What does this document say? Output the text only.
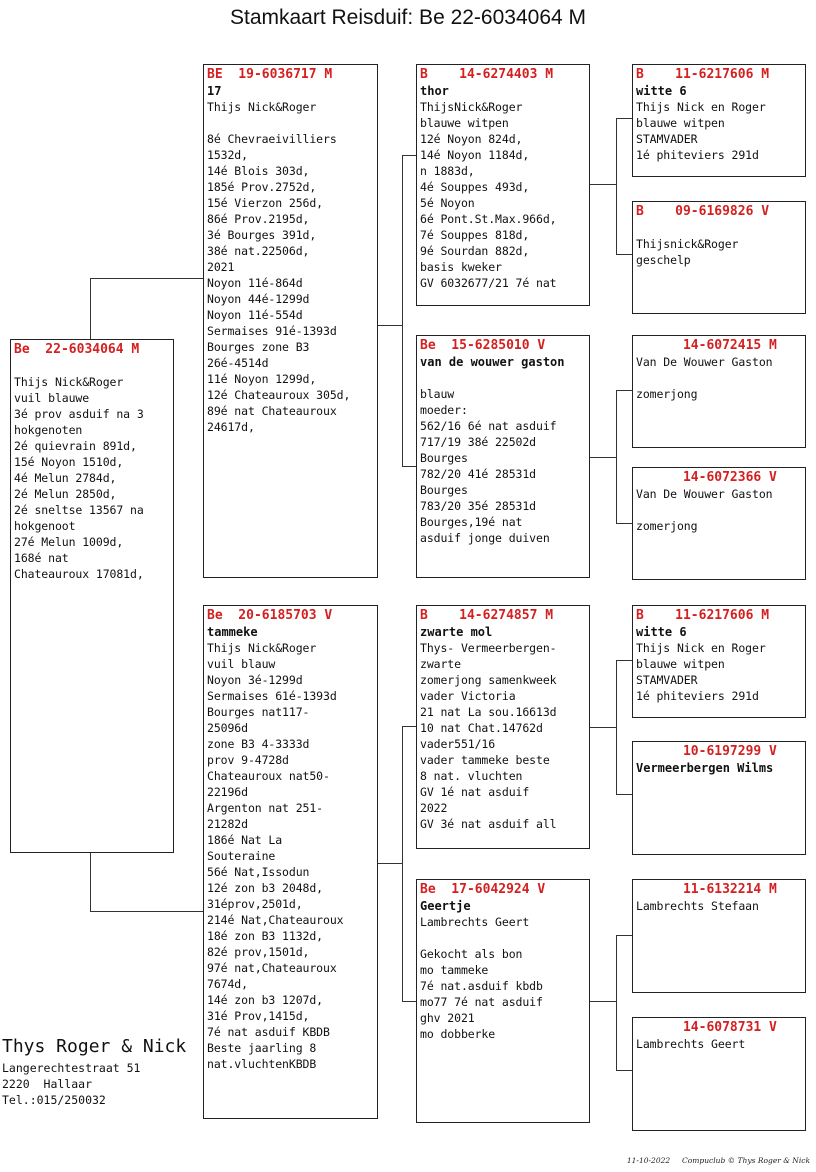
Stamkaart Reisduif: Be 22-6034064 M
Be  22-6034064 M

Thijs Nick&Roger
vuil blauwe
3é prov asduif na 3
hokgenoten
2é quievrain 891d,
15é Noyon 1510d,
4é Melun 2784d,
2é Melun 2850d,
2é sneltse 13567 na
hokgenoot
27é Melun 1009d,
168é nat
Chateauroux 17081d,
BE  19-6036717 M
17
Thijs Nick&Roger

8é Chevraeivilliers
1532d,
14é Blois 303d,
185é Prov.2752d,
15é Vierzon 256d,
86é Prov.2195d,
3é Bourges 391d,
38é nat.22506d,
2021
Noyon 11é-864d
Noyon 44é-1299d
Noyon 11é-554d
Sermaises 91é-1393d
Bourges zone B3
26é-4514d
11é Noyon 1299d,
12é Chateauroux 305d,
89é nat Chateauroux
24617d,
Be  20-6185703 V
tammeke
Thijs Nick&Roger
vuil blauw
Noyon 3é-1299d
Sermaises 61é-1393d
Bourges nat117-
25096d
zone B3 4-3333d
prov 9-4728d
Chateauroux nat50-
22196d
Argenton nat 251-
21282d
186é Nat La
Souteraine
56é Nat,Issodun
12é zon b3 2048d,
31éprov,2501d,
214é Nat,Chateauroux
18é zon B3 1132d,
82é prov,1501d,
97é nat,Chateauroux
7674d,
14é zon b3 1207d,
31é Prov,1415d,
7é nat asduif KBDB
Beste jaarling 8
nat.vluchtenKBDB
B    14-6274403 M
thor
ThijsNick&Roger
blauwe witpen
12é Noyon 824d,
14é Noyon 1184d,
n 1883d,
4é Souppes 493d,
5é Noyon
6é Pont.St.Max.966d,
7é Souppes 818d,
9é Sourdan 882d,
basis kweker
GV 6032677/21 7é nat
Be  15-6285010 V
van de wouwer gaston

blauw
moeder:
562/16 6é nat asduif
717/19 38é 22502d
Bourges
782/20 41é 28531d
Bourges
783/20 35é 28531d
Bourges,19é nat
asduif jonge duiven
B    14-6274857 M
zwarte mol
Thys- Vermeerbergen-
zwarte
zomerjong samenkweek
vader Victoria
21 nat La sou.16613d
10 nat Chat.14762d
vader551/16
vader tammeke beste
8 nat. vluchten
GV 1é nat asduif
2022
GV 3é nat asduif all
Be  17-6042924 V
Geertje
Lambrechts Geert

Gekocht als bon
mo tammeke
7é nat.asduif kbdb
mo77 7é nat asduif
ghv 2021
mo dobberke
B    11-6217606 M
witte 6
Thijs Nick en Roger
blauwe witpen
STAMVADER
1é phiteviers 291d
B    09-6169826 V

Thijsnick&Roger
geschelp
14-6072415 M
Van De Wouwer Gaston

zomerjong
14-6072366 V
Van De Wouwer Gaston

zomerjong
B    11-6217606 M
witte 6
Thijs Nick en Roger
blauwe witpen
STAMVADER
1é phiteviers 291d
10-6197299 V
Vermeerbergen Wilms
11-6132214 M
Lambrechts Stefaan
14-6078731 V
Lambrechts Geert
Thys Roger & Nick
Langerechtestraat 51
2220  Hallaar
Tel.:015/250032
11-10-2022     Compuclub © Thys Roger & Nick
